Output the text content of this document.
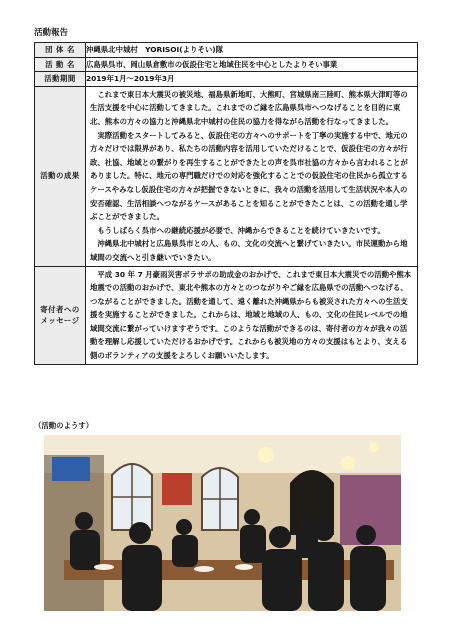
活動報告
団 体 名	沖縄県北中城村　YORISOI(よりそい)隊
活 動 名	広島県呉市、岡山県倉敷市の仮設住宅と地域住民を中心としたよりそい事業
活動期間	2019年1月～2019年3月
活動の成果	これまで東日本大震災の被災地、福島県新地町、大熊町、宮城県南三陸町、熊本県大津町等の生活支援を中心に活動してきました。これまでのご縁を広島県呉市へつなげることを目的に東北、熊本の方々の協力と沖縄県北中城村の住民の協力を得ながら活動を行なってきました。

実際活動をスタートしてみると、仮設住宅の方々へのサポートを丁寧の実施する中で、地元の方々だけでは限界があり、私たちの活動内容を活用していただけることで、仮設住宅の方々が行政、社協、地域との繋がりを再生することができたとの声を呉市社協の方々から言われることがありました。特に、地元の専門職だけでの対応を強化することでの仮設住宅の住民から孤立するケースやみなし仮設住宅の方々が把握できないときに、我々の活動を活用して生活状況や本人の安否確認、生活相談へつながるケースがあることを知ることができたことは、この活動を通し学ぶことができました。

もうしばらく呉市への継続応援が必要で、沖縄からできることを続けていきたいです。

沖縄県北中城村と広島県呉市との人、もの、文化の交流へと繋げていきたい。市民運動から地域間の交流へと引き継いでいきたい。

寄付者への
メッセージ	平成 30 年 7 月豪雨災害ボラサポの助成金のおかげで、これまで東日本大震災での活動や熊本地震での活動のおかげで、東北や熊本の方々とのつながりやご縁を広島県での活動へつなげる、つながることができました。活動を通して、遠く離れた沖縄県からも被災された方々への生活支援を実施することができました。これからは、地域と地域の人、もの、文化の住民レベルでの地域間交流に繋がっていけますぞうです。このような活動ができるのは、寄付者の方々が我々の活動を理解し応援していただけるおかげです。これからも被災地の方々の支援はもとより、支える側のボランティアの支援をよろしくお願いいたします。

（活動のようす）
